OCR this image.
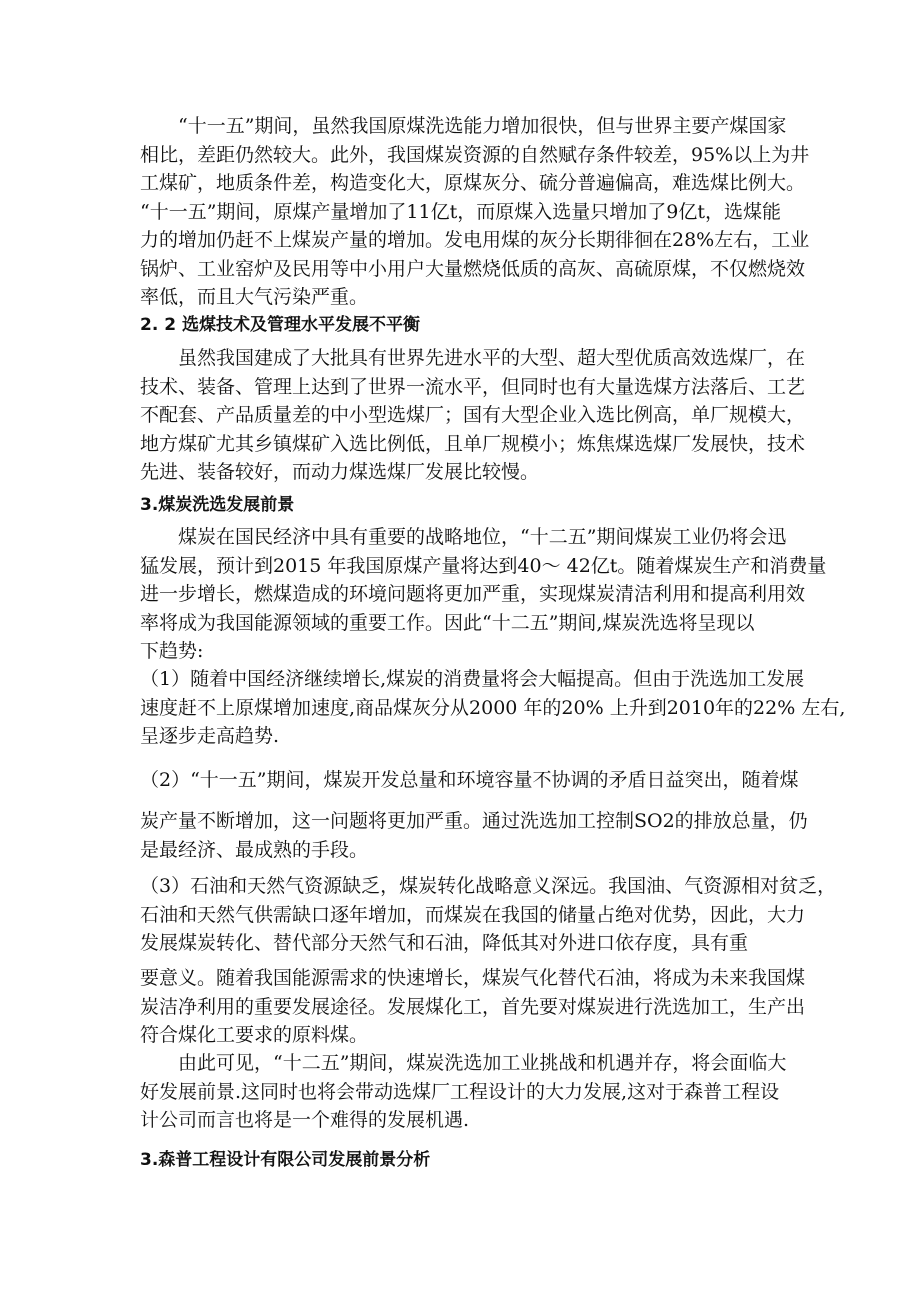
　　“十一五”期间，虽然我国原煤洗选能力增加很快，但与世界主要产煤国家
相比，差距仍然较大。此外，我国煤炭资源的自然赋存条件较差，95%以上为井
工煤矿，地质条件差，构造变化大，原煤灰分、硫分普遍偏高，难选煤比例大。
“十一五”期间，原煤产量增加了11亿t，而原煤入选量只增加了9亿t，选煤能
力的增加仍赶不上煤炭产量的增加。发电用煤的灰分长期徘徊在28%左右，工业
锅炉、工业窑炉及民用等中小用户大量燃烧低质的高灰、高硫原煤，不仅燃烧效
率低，而且大气污染严重。
2. 2 选煤技术及管理水平发展不平衡
　　虽然我国建成了大批具有世界先进水平的大型、超大型优质高效选煤厂，在
技术、装备、管理上达到了世界一流水平，但同时也有大量选煤方法落后、工艺
不配套、产品质量差的中小型选煤厂；国有大型企业入选比例高，单厂规模大，
地方煤矿尤其乡镇煤矿入选比例低，且单厂规模小；炼焦煤选煤厂发展快，技术
先进、装备较好，而动力煤选煤厂发展比较慢。
3.煤炭洗选发展前景
　　煤炭在国民经济中具有重要的战略地位，“十二五”期间煤炭工业仍将会迅
猛发展，预计到2015 年我国原煤产量将达到40～ 42亿t。随着煤炭生产和消费量
进一步增长，燃煤造成的环境问题将更加严重，实现煤炭清洁利用和提高利用效
率将成为我国能源领域的重要工作。因此“十二五”期间,煤炭洗选将呈现以
下趋势:
（1）随着中国经济继续增长,煤炭的消费量将会大幅提高。但由于洗选加工发展
速度赶不上原煤增加速度,商品煤灰分从2000 年的20% 上升到2010年的22% 左右,
呈逐步走高趋势.
（2）“十一五”期间，煤炭开发总量和环境容量不协调的矛盾日益突出，随着煤
炭产量不断增加，这一问题将更加严重。通过洗选加工控制SO2的排放总量，仍
是最经济、最成熟的手段。
（3）石油和天然气资源缺乏，煤炭转化战略意义深远。我国油、气资源相对贫乏，
石油和天然气供需缺口逐年增加，而煤炭在我国的储量占绝对优势，因此，大力
发展煤炭转化、替代部分天然气和石油，降低其对外进口依存度，具有重
要意义。随着我国能源需求的快速增长，煤炭气化替代石油，将成为未来我国煤
炭洁净利用的重要发展途径。发展煤化工，首先要对煤炭进行洗选加工，生产出
符合煤化工要求的原料煤。
　　由此可见，“十二五”期间，煤炭洗选加工业挑战和机遇并存，将会面临大
好发展前景.这同时也将会带动选煤厂工程设计的大力发展,这对于森普工程设
计公司而言也将是一个难得的发展机遇.
3.森普工程设计有限公司发展前景分析
